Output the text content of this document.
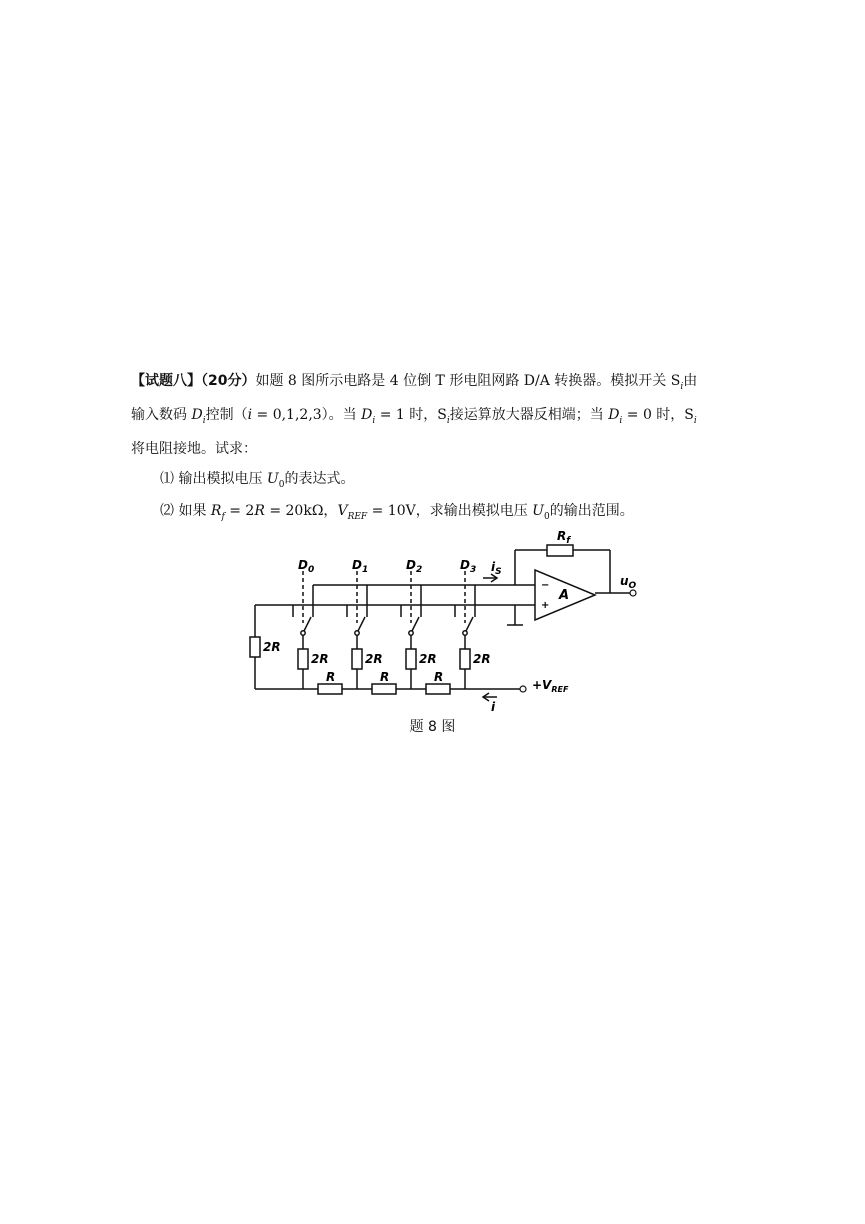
【试题八】（20分）如题 8 图所示电路是 4 位倒 T 形电阻网路 D/A 转换器。模拟开关 $S_i$由

输入数码 $D_i$控制（i = 0,1,2,3）。当 $D_i = 1$ 时，$S_i$接运算放大器反相端；当 $D_i = 0$ 时，$S_i$

将电阻接地。试求：

⑴ 输出模拟电压 $U_0$的表达式。
⑵ 如果 $R_f = 2R = 20k\Omega$，$V_{REF} = 10V$，求输出模拟电压 $U_0$的输出范围。
$R_f$
$i_S$
$u_O$
A
−
+
$+V_{REF}$
i
2R
$D_0$
2R
$D_1$
2R
$D_2$
2R
$D_3$
2R
R	R	R
题 8 图
